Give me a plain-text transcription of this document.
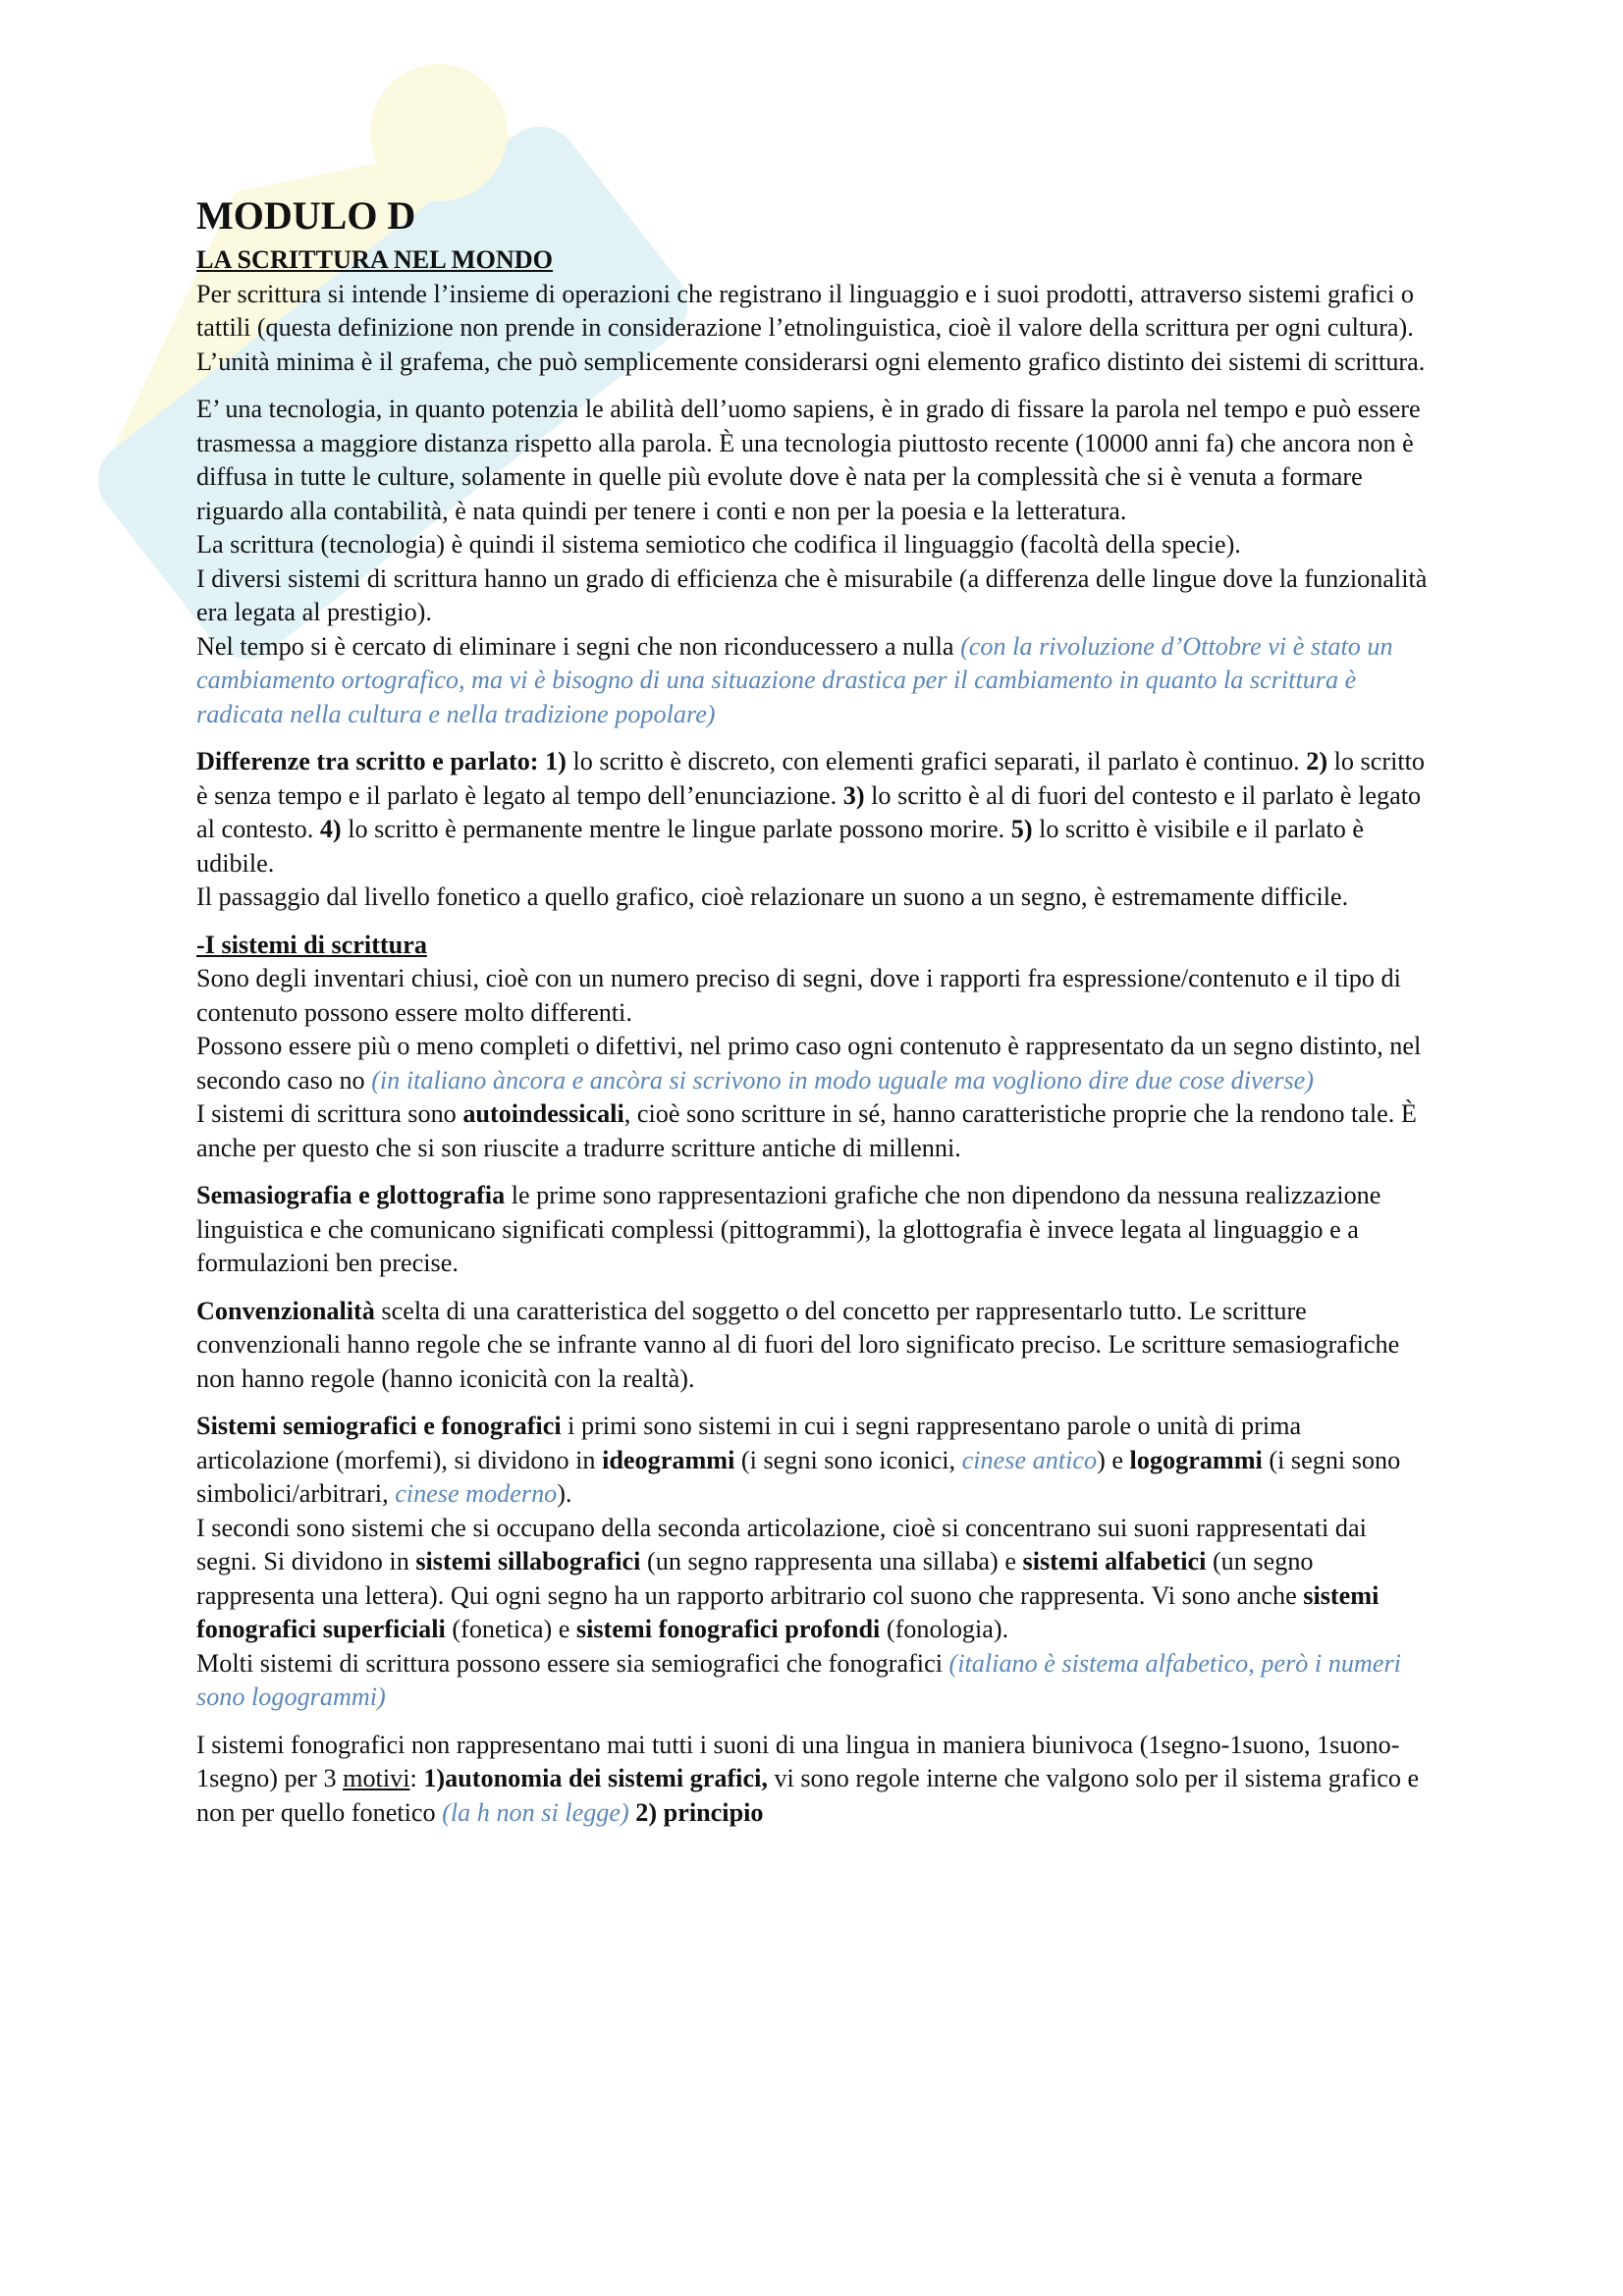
MODULO D

LA SCRITTURA NEL MONDO

Per scrittura si intende l’insieme di operazioni che registrano il linguaggio e i suoi prodotti, attraverso sistemi grafici o tattili (questa definizione non prende in considerazione l’etnolinguistica, cioè il valore della scrittura per ogni cultura).

L’unità minima è il grafema, che può semplicemente considerarsi ogni elemento grafico distinto dei sistemi di scrittura.

E’ una tecnologia, in quanto potenzia le abilità dell’uomo sapiens, è in grado di fissare la parola nel tempo e può essere trasmessa a maggiore distanza rispetto alla parola. È una tecnologia piuttosto recente (10000 anni fa) che ancora non è diffusa in tutte le culture, solamente in quelle più evolute dove è nata per la complessità che si è venuta a formare riguardo alla contabilità, è nata quindi per tenere i conti e non per la poesia e la letteratura.

La scrittura (tecnologia) è quindi il sistema semiotico che codifica il linguaggio (facoltà della specie).

I diversi sistemi di scrittura hanno un grado di efficienza che è misurabile (a differenza delle lingue dove la funzionalità era legata al prestigio).

Nel tempo si è cercato di eliminare i segni che non riconducessero a nulla (con la rivoluzione d’Ottobre vi è stato un cambiamento ortografico, ma vi è bisogno di una situazione drastica per il cambiamento in quanto la scrittura è radicata nella cultura e nella tradizione popolare)

Differenze tra scritto e parlato: 1) lo scritto è discreto, con elementi grafici separati, il parlato è continuo. 2) lo scritto è senza tempo e il parlato è legato al tempo dell’enunciazione. 3) lo scritto è al di fuori del contesto e il parlato è legato al contesto. 4) lo scritto è permanente mentre le lingue parlate possono morire. 5) lo scritto è visibile e il parlato è udibile.

Il passaggio dal livello fonetico a quello grafico, cioè relazionare un suono a un segno, è estremamente difficile.

-I sistemi di scrittura

Sono degli inventari chiusi, cioè con un numero preciso di segni, dove i rapporti fra espressione/contenuto e il tipo di contenuto possono essere molto differenti.

Possono essere più o meno completi o difettivi, nel primo caso ogni contenuto è rappresentato da un segno distinto, nel secondo caso no (in italiano àncora e ancòra si scrivono in modo uguale ma vogliono dire due cose diverse)

I sistemi di scrittura sono autoindessicali, cioè sono scritture in sé, hanno caratteristiche proprie che la rendono tale. È anche per questo che si son riuscite a tradurre scritture antiche di millenni.

Semasiografia e glottografia le prime sono rappresentazioni grafiche che non dipendono da nessuna realizzazione linguistica e che comunicano significati complessi (pittogrammi), la glottografia è invece legata al linguaggio e a formulazioni ben precise.

Convenzionalità scelta di una caratteristica del soggetto o del concetto per rappresentarlo tutto. Le scritture convenzionali hanno regole che se infrante vanno al di fuori del loro significato preciso. Le scritture semasiografiche non hanno regole (hanno iconicità con la realtà).

Sistemi semiografici e fonografici i primi sono sistemi in cui i segni rappresentano parole o unità di prima articolazione (morfemi), si dividono in ideogrammi (i segni sono iconici, cinese antico) e logogrammi (i segni sono simbolici/arbitrari, cinese moderno).

I secondi sono sistemi che si occupano della seconda articolazione, cioè si concentrano sui suoni rappresentati dai segni. Si dividono in sistemi sillabografici (un segno rappresenta una sillaba) e sistemi alfabetici (un segno rappresenta una lettera). Qui ogni segno ha un rapporto arbitrario col suono che rappresenta. Vi sono anche sistemi fonografici superficiali (fonetica) e sistemi fonografici profondi (fonologia).

Molti sistemi di scrittura possono essere sia semiografici che fonografici (italiano è sistema alfabetico, però i numeri sono logogrammi)

I sistemi fonografici non rappresentano mai tutti i suoni di una lingua in maniera biunivoca (1segno-1suono, 1suono-1segno) per 3 motivi: 1)autonomia dei sistemi grafici, vi sono regole interne che valgono solo per il sistema grafico e non per quello fonetico (la h non si legge) 2) principio
